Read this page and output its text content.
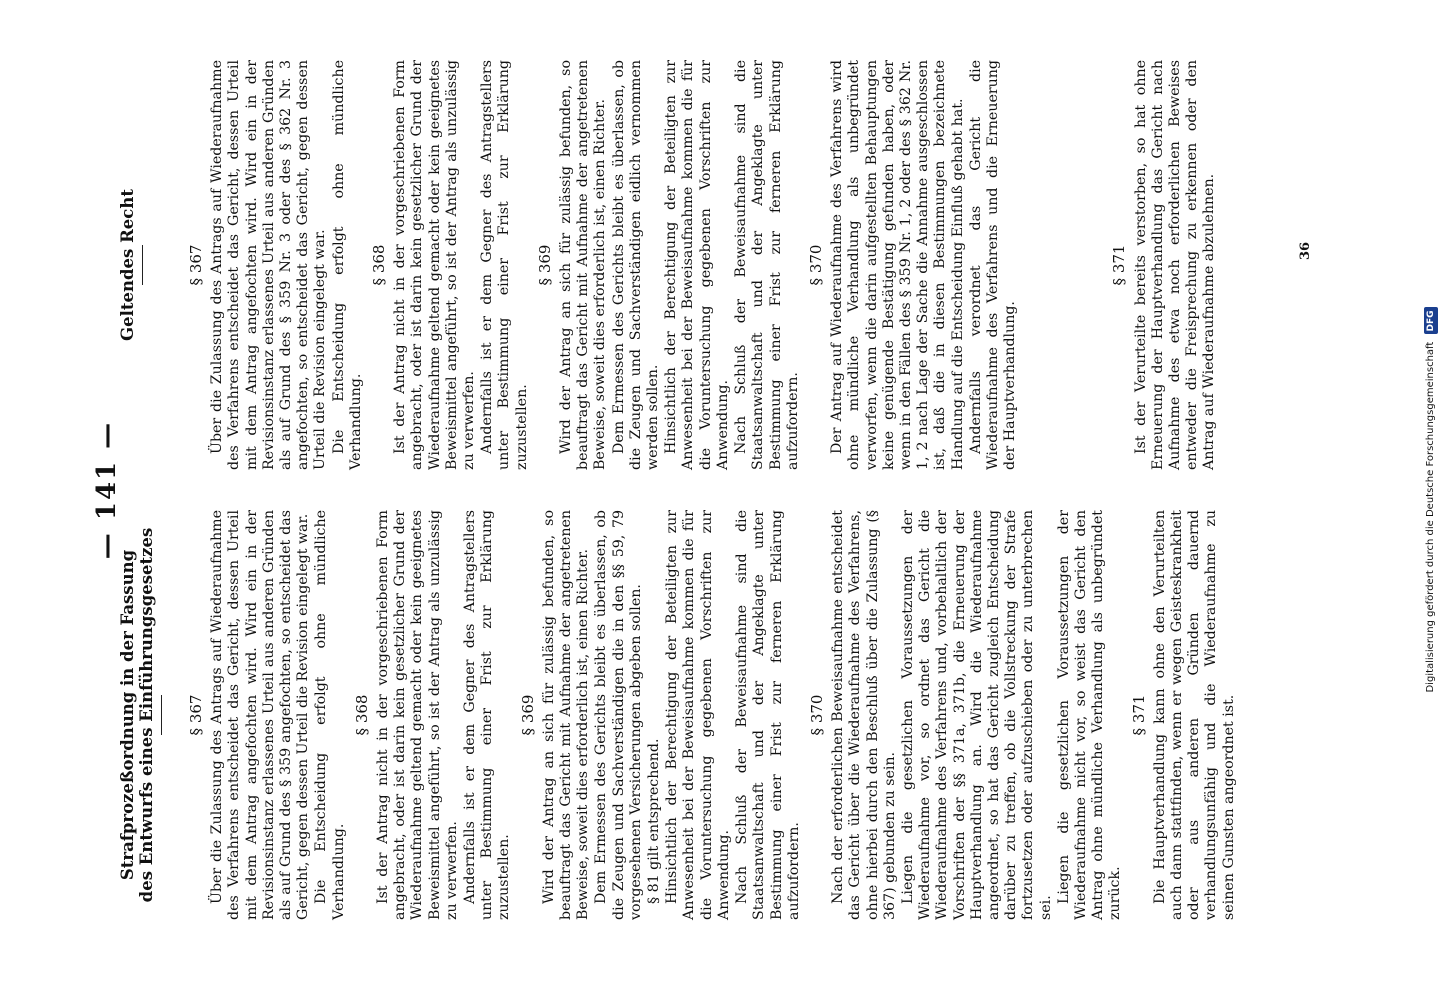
— 141 —
Strafprozeßordnung in der Fassung des Entwurfs eines Einführungsgesetzes
Geltendes Recht
§ 367 Über die Zulassung des Antrags auf Wiederaufnahme des Verfahrens entscheidet das Gericht, dessen Urteil mit dem Antrag angefochten wird. Wird ein in der Revisionsinstanz erlassenes Urteil aus anderen Gründen als auf Grund des § 359 angefochten, so entscheidet das Gericht, gegen dessen Urteil die Revision eingelegt war. Die Entscheidung erfolgt ohne mündliche Verhandlung.

§ 368 Ist der Antrag nicht in der vorgeschriebenen Form angebracht, oder ist darin kein gesetzlicher Grund der Wiederaufnahme geltend gemacht oder kein geeignetes Beweismittel angeführt, so ist der Antrag als unzulässig zu verwerfen. Andernfalls ist er dem Gegner des Antragstellers unter Bestimmung einer Frist zur Erklärung zuzustellen.

§ 369 Wird der Antrag an sich für zulässig befunden, so beauftragt das Gericht mit Aufnahme der angetretenen Beweise, soweit dies erforderlich ist, einen Richter. Dem Ermessen des Gerichts bleibt es überlassen, ob die Zeugen und Sachverständigen die in den §§ 59, 79 vorgesehenen Versicherungen abgeben sollen. § 81 gilt entsprechend. Hinsichtlich der Berechtigung der Beteiligten zur Anwesenheit bei der Beweisaufnahme kommen die für die Voruntersuchung gegebenen Vorschriften zur Anwendung. Nach Schluß der Beweisaufnahme sind die Staatsanwaltschaft und der Angeklagte unter Bestimmung einer Frist zur ferneren Erklärung aufzufordern.

§ 370 Nach der erforderlichen Beweisaufnahme entscheidet das Gericht über die Wiederaufnahme des Verfahrens, ohne hierbei durch den Beschluß über die Zulassung (§ 367) gebunden zu sein. Liegen die gesetzlichen Voraussetzungen der Wiederaufnahme vor, so ordnet das Gericht die Wiederaufnahme des Verfahrens und, vorbehaltlich der Vorschriften der §§ 371a, 371b, die Erneuerung der Hauptverhandlung an. Wird die Wiederaufnahme angeordnet, so hat das Gericht zugleich Entscheidung darüber zu treffen, ob die Vollstreckung der Strafe fortzusetzen oder aufzuschieben oder zu unterbrechen sei.

Liegen die gesetzlichen Voraussetzungen der Wiederaufnahme nicht vor, so weist das Gericht den Antrag ohne mündliche Verhandlung als unbegründet zurück.

§ 371 Die Hauptverhandlung kann ohne den Verurteilten auch dann stattfinden, wenn er wegen Geisteskrankheit oder aus anderen Gründen dauernd verhandlungsunfähig und die Wiederaufnahme zu seinen Gunsten angeordnet ist.

§ 367 Über die Zulassung des Antrags auf Wiederaufnahme des Verfahrens entscheidet das Gericht, dessen Urteil mit dem Antrag angefochten wird. Wird ein in der Revisionsinstanz erlassenes Urteil aus anderen Gründen als auf Grund des § 359 Nr. 3 oder des § 362 Nr. 3 angefochten, so entscheidet das Gericht, gegen dessen Urteil die Revision eingelegt war. Die Entscheidung erfolgt ohne mündliche Verhandlung.

§ 368 Ist der Antrag nicht in der vorgeschriebenen Form angebracht, oder ist darin kein gesetzlicher Grund der Wiederaufnahme geltend gemacht oder kein geeignetes Beweismittel angeführt, so ist der Antrag als unzulässig zu verwerfen. Andernfalls ist er dem Gegner des Antragstellers unter Bestimmung einer Frist zur Erklärung zuzustellen.

§ 369 Wird der Antrag an sich für zulässig befunden, so beauftragt das Gericht mit Aufnahme der angetretenen Beweise, soweit dies erforderlich ist, einen Richter. Dem Ermessen des Gerichts bleibt es überlassen, ob die Zeugen und Sachverständigen eidlich vernommen werden sollen. Hinsichtlich der Berechtigung der Beteiligten zur Anwesenheit bei der Beweisaufnahme kommen die für die Voruntersuchung gegebenen Vorschriften zur Anwendung. Nach Schluß der Beweisaufnahme sind die Staatsanwaltschaft und der Angeklagte unter Bestimmung einer Frist zur ferneren Erklärung aufzufordern.

§ 370 Der Antrag auf Wiederaufnahme des Verfahrens wird ohne mündliche Verhandlung als unbegründet verworfen, wenn die darin aufgestellten Behauptungen keine genügende Bestätigung gefunden haben, oder wenn in den Fällen des § 359 Nr. 1, 2 oder des § 362 Nr. 1, 2 nach Lage der Sache die Annahme ausgeschlossen ist, daß die in diesen Bestimmungen bezeichnete Handlung auf die Entscheidung Einfluß gehabt hat. Andernfalls verordnet das Gericht die Wiederaufnahme des Verfahrens und die Erneuerung der Hauptverhandlung.

§ 371 Ist der Verurteilte bereits verstorben, so hat ohne Erneuerung der Hauptverhandlung das Gericht nach Aufnahme des etwa noch erforderlichen Beweises entweder die Freisprechung zu erkennen oder den Antrag auf Wiederaufnahme abzulehnen.	36
Digitalisierung gefördert durch die Deutsche Forschungsgemeinschaft DFG
